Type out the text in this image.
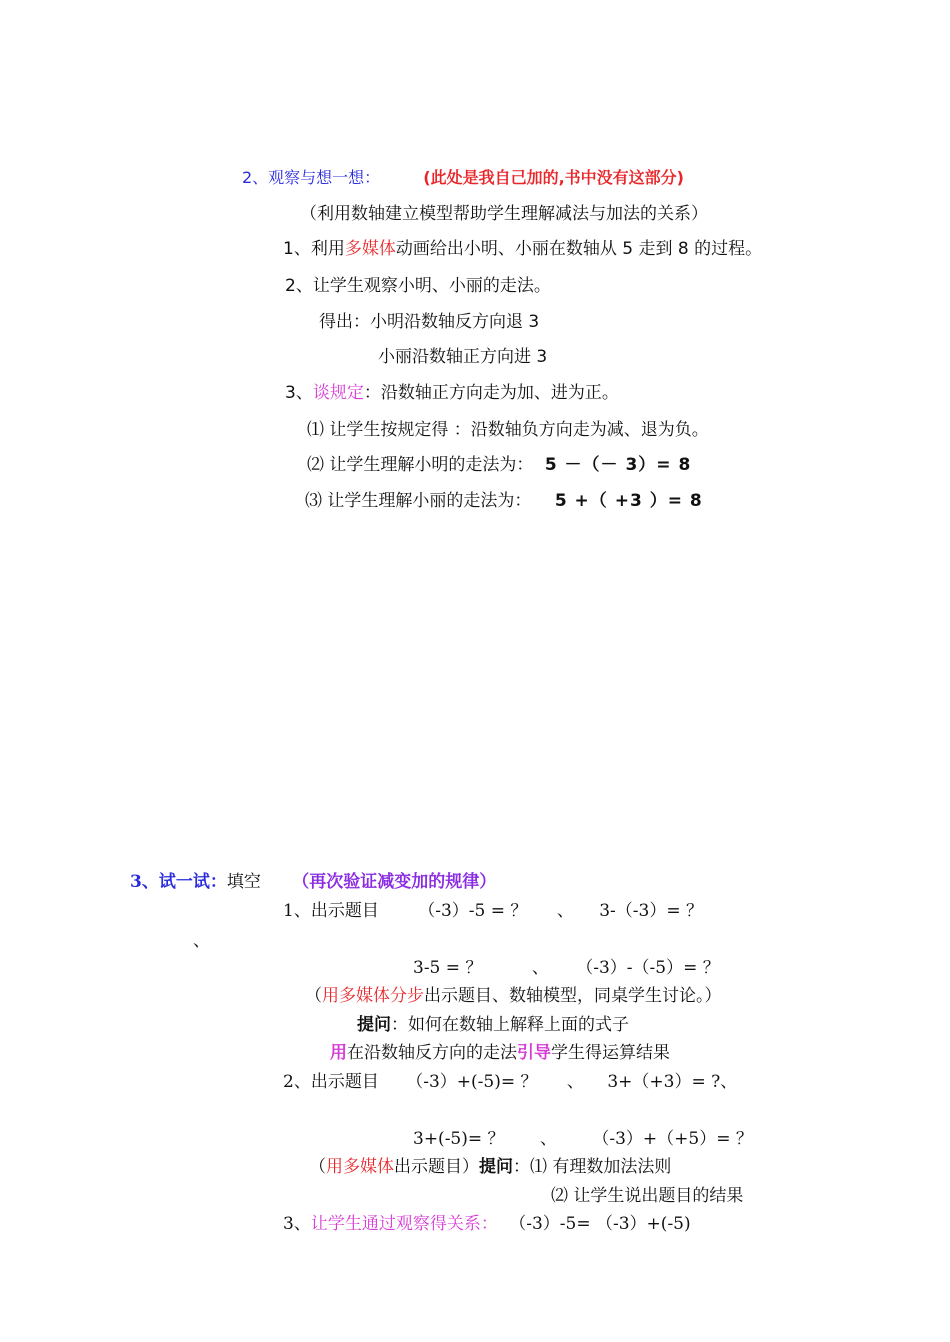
2、观察与想一想：	(此处是我自己加的,书中没有这部分)
（利用数轴建立模型帮助学生理解减法与加法的关系）
1、利用多媒体动画给出小明、小丽在数轴从 5 走到 8 的过程。
2、让学生观察小明、小丽的走法。
得出：小明沿数轴反方向退 3
小丽沿数轴正方向进 3
3、谈规定：沿数轴正方向走为加、进为正。
⑴ 让学生按规定得 ：沿数轴负方向走为减、退为负。
⑵ 让学生理解小明的走法为： 5 －（－ 3）= 8
⑶ 让学生理解小丽的走法为： 5 +（ +3 ）= 8
3、试一试：填空 （再次验证减变加的规律）
1、出示题目 （-3）-5 = ？ 、 3-（-3）= ？
、
3-5 = ？	、 （-3）-（-5）= ？
（用多媒体分步出示题目、数轴模型，同桌学生讨论。）
提问：如何在数轴上解释上面的式子
用在沿数轴反方向的走法引导学生得运算结果
2、出示题目 （-3）+(-5)= ？ 、 3+（+3）= ?、
3+(-5)= ？ 、 （-3）+（+5）= ？
（用多媒体出示题目）提问：⑴ 有理数加法法则
⑵ 让学生说出题目的结果
3、让学生通过观察得关系： （-3）-5= （-3）+(-5)
